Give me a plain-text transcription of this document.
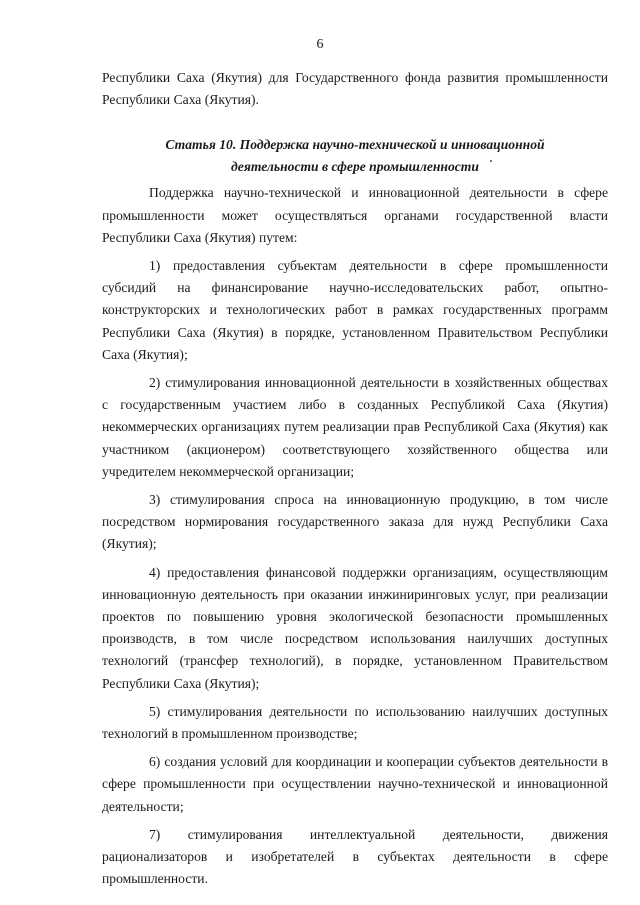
6

Республики Саха (Якутия) для Государственного фонда развития промышленности Республики Саха (Якутия).

Статья 10. Поддержка научно-технической и инновационной
деятельности в сфере промышленности

Поддержка научно-технической и инновационной деятельности в сфере промышленности может осуществляться органами государственной власти Республики Саха (Якутия) путем:

1) предоставления субъектам деятельности в сфере промышленности субсидий на финансирование научно-исследовательских работ, опытно-конструкторских и технологических работ в рамках государственных программ Республики Саха (Якутия) в порядке, установленном Правительством Республики Саха (Якутия);

2) стимулирования инновационной деятельности в хозяйственных обществах с государственным участием либо в созданных Республикой Саха (Якутия) некоммерческих организациях путем реализации прав Республикой Саха (Якутия) как участником (акционером) соответствующего хозяйственного общества или учредителем некоммерческой организации;

3) стимулирования спроса на инновационную продукцию, в том числе посредством нормирования государственного заказа для нужд Республики Саха (Якутия);

4) предоставления финансовой поддержки организациям, осуществляющим инновационную деятельность при оказании инжиниринговых услуг, при реализации проектов по повышению уровня экологической безопасности промышленных производств, в том числе посредством использования наилучших доступных технологий (трансфер технологий), в порядке, установленном Правительством Республики Саха (Якутия);

5) стимулирования деятельности по использованию наилучших доступных технологий в промышленном производстве;

6) создания условий для координации и кооперации субъектов деятельности в сфере промышленности при осуществлении научно-технической и инновационной деятельности;

7) стимулирования интеллектуальной деятельности, движения рационализаторов и изобретателей в субъектах деятельности в сфере промышленности.
